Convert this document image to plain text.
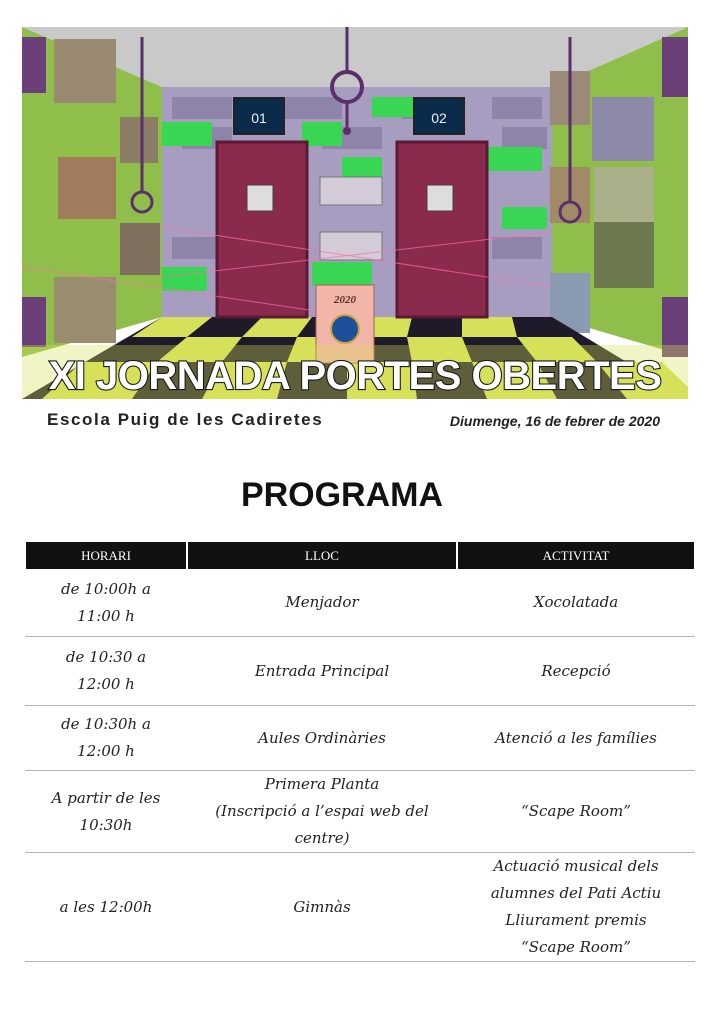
01	02
2020
XI JORNADA PORTES OBERTES
Escola Puig de les Cadiretes	Diumenge, 16 de febrer de 2020
PROGRAMA
HORARI	LLOC	ACTIVITAT

de 10:00h a
11:00 h	Menjador	Xocolatada

de 10:30 a
12:00 h	Entrada Principal	Recepció

de 10:30h a
12:00 h	Aules Ordinàries	Atenció a les famílies

A partir de les
10:30h	Primera Planta
(Inscripció a l’espai web del
centre)	“Scape Room”

a les 12:00h	Gimnàs	Actuació musical dels
alumnes del Pati Actiu
Lliurament premis
“Scape Room”
